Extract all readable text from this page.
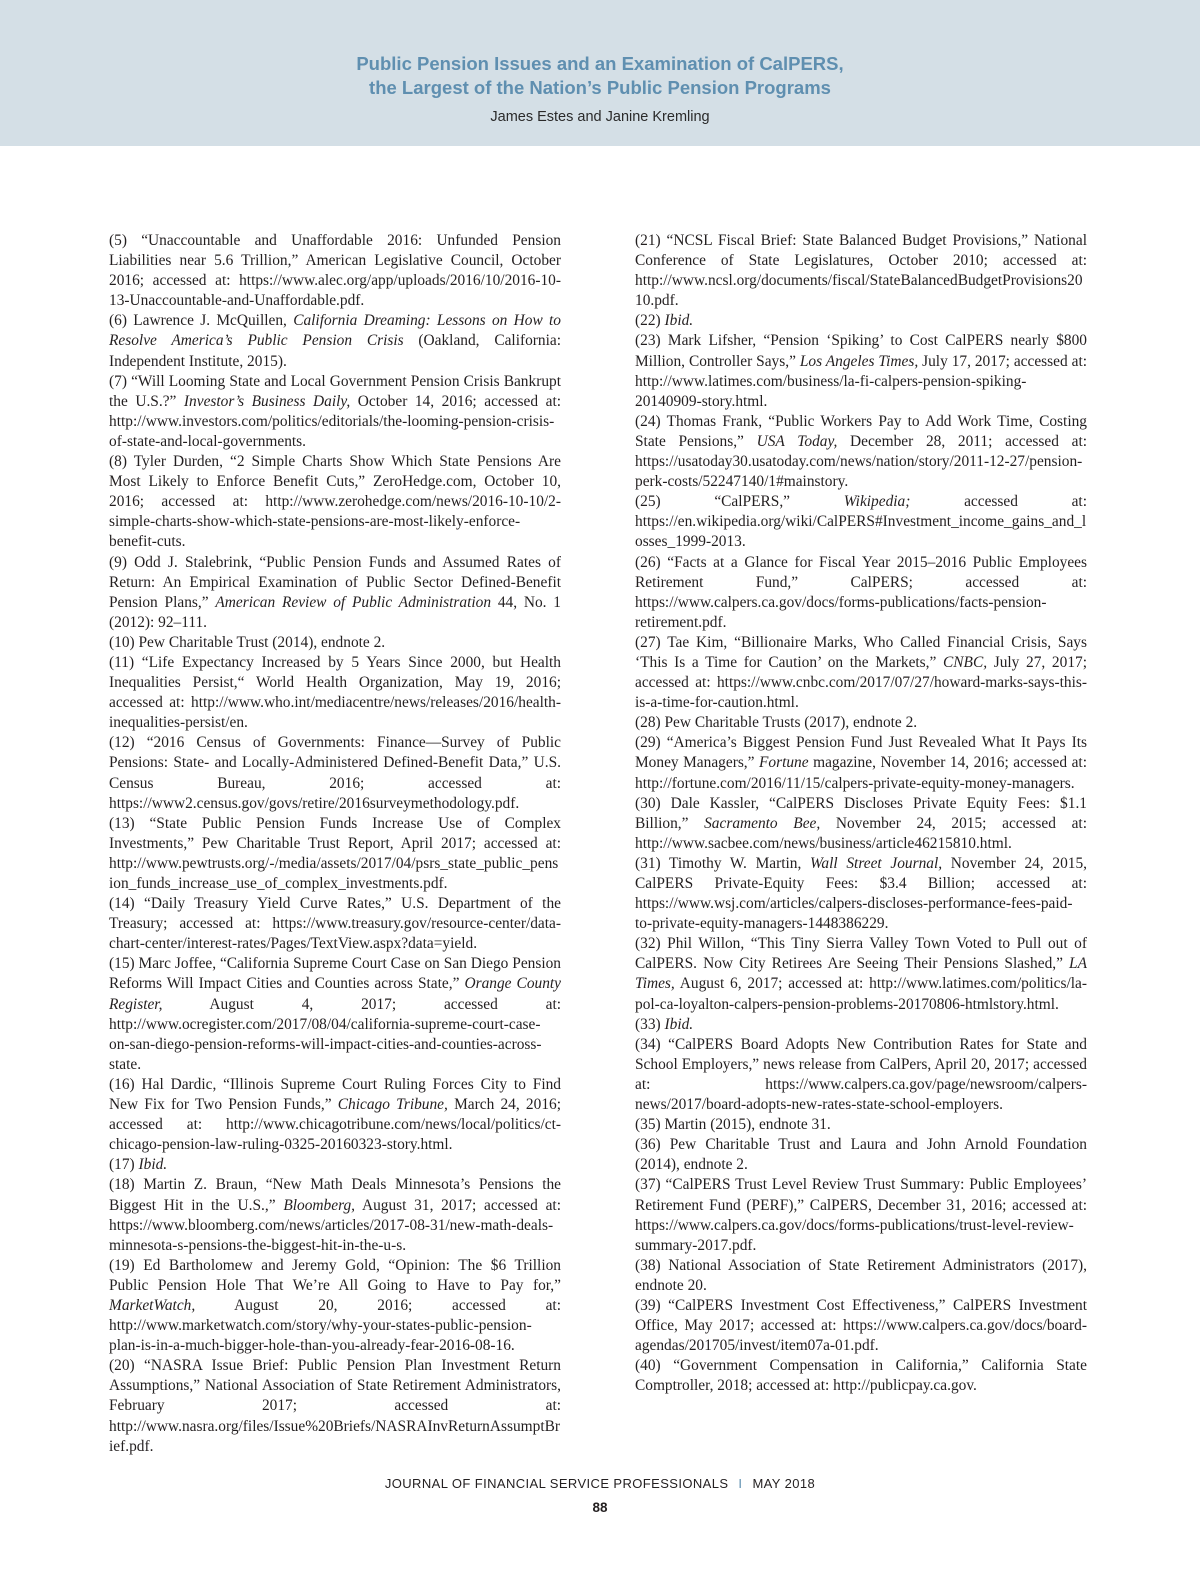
Public Pension Issues and an Examination of CalPERS,
the Largest of the Nation’s Public Pension Programs
James Estes and Janine Kremling

(5) “Unaccountable and Unaffordable 2016: Unfunded Pension Liabilities near 5.6 Trillion,” American Legislative Council, October 2016; accessed at: https://www.alec.org/app/uploads/2016/10/2016-10-13-Unaccountable-and-Unaffordable.pdf.

(6) Lawrence J. McQuillen, California Dreaming: Lessons on How to Resolve America’s Public Pension Crisis (Oakland, California: Independent Institute, 2015).

(7) “Will Looming State and Local Government Pension Crisis Bankrupt the U.S.?” Investor’s Business Daily, October 14, 2016; accessed at: http://www.investors.com/politics/editorials/the-looming-pension-crisis-of-state-and-local-governments.

(8) Tyler Durden, “2 Simple Charts Show Which State Pensions Are Most Likely to Enforce Benefit Cuts,” ZeroHedge.com, October 10, 2016; accessed at: http://www.zerohedge.com/news/2016-10-10/2-simple-charts-show-which-state-pensions-are-most-likely-enforce-benefit-cuts.

(9) Odd J. Stalebrink, “Public Pension Funds and Assumed Rates of Return: An Empirical Examination of Public Sector Defined-Benefit Pension Plans,” American Review of Public Administration 44, No. 1 (2012): 92–111.

(10) Pew Charitable Trust (2014), endnote 2.

(11) “Life Expectancy Increased by 5 Years Since 2000, but Health Inequalities Persist,“ World Health Organization, May 19, 2016; accessed at: http://www.who.int/mediacentre/news/releases/2016/health-inequalities-persist/en.

(12) “2016 Census of Governments: Finance—Survey of Public Pensions: State- and Locally-Administered Defined-Benefit Data,” U.S. Census Bureau, 2016; accessed at: https://www2.census.gov/govs/retire/2016surveymethodology.pdf.

(13) “State Public Pension Funds Increase Use of Complex Investments,” Pew Charitable Trust Report, April 2017; accessed at: http://www.pewtrusts.org/-/media/assets/2017/04/psrs_state_public_pension_funds_increase_use_of_complex_investments.pdf.

(14) “Daily Treasury Yield Curve Rates,” U.S. Department of the Treasury; accessed at: https://www.treasury.gov/resource-center/data-chart-center/interest-rates/Pages/TextView.aspx?data=yield.

(15) Marc Joffee, “California Supreme Court Case on San Diego Pension Reforms Will Impact Cities and Counties across State,” Orange County Register, August 4, 2017; accessed at: http://www.ocregister.com/2017/08/04/california-supreme-court-case-on-san-diego-pension-reforms-will-impact-cities-and-counties-across-state.

(16) Hal Dardic, “Illinois Supreme Court Ruling Forces City to Find New Fix for Two Pension Funds,” Chicago Tribune, March 24, 2016; accessed at: http://www.chicagotribune.com/news/local/politics/ct-chicago-pension-law-ruling-0325-20160323-story.html.

(17) Ibid.

(18) Martin Z. Braun, “New Math Deals Minnesota’s Pensions the Biggest Hit in the U.S.,” Bloomberg, August 31, 2017; accessed at: https://www.bloomberg.com/news/articles/2017-08-31/new-math-deals-minnesota-s-pensions-the-biggest-hit-in-the-u-s.

(19) Ed Bartholomew and Jeremy Gold, “Opinion: The $6 Trillion Public Pension Hole That We’re All Going to Have to Pay for,” MarketWatch, August 20, 2016; accessed at: http://www.marketwatch.com/story/why-your-states-public-pension-plan-is-in-a-much-bigger-hole-than-you-already-fear-2016-08-16.

(20) “NASRA Issue Brief: Public Pension Plan Investment Return Assumptions,” National Association of State Retirement Administrators, February 2017; accessed at: http://www.nasra.org/files/Issue%20Briefs/NASRAInvReturnAssumptBrief.pdf.

(21) “NCSL Fiscal Brief: State Balanced Budget Provisions,” National Conference of State Legislatures, October 2010; accessed at: http://www.ncsl.org/documents/fiscal/StateBalancedBudgetProvisions2010.pdf.

(22) Ibid.

(23) Mark Lifsher, “Pension ‘Spiking’ to Cost CalPERS nearly $800 Million, Controller Says,” Los Angeles Times, July 17, 2017; accessed at: http://www.latimes.com/business/la-fi-calpers-pension-spiking-20140909-story.html.

(24) Thomas Frank, “Public Workers Pay to Add Work Time, Costing State Pensions,” USA Today, December 28, 2011; accessed at: https://usatoday30.usatoday.com/news/nation/story/2011-12-27/pension-perk-costs/52247140/1#mainstory.

(25) “CalPERS,” Wikipedia; accessed at: https://en.wikipedia.org/wiki/CalPERS#Investment_income_gains_and_losses_1999-2013.

(26) “Facts at a Glance for Fiscal Year 2015–2016 Public Employees Retirement Fund,” CalPERS; accessed at: https://www.calpers.ca.gov/docs/forms-publications/facts-pension-retirement.pdf.

(27) Tae Kim, “Billionaire Marks, Who Called Financial Crisis, Says ‘This Is a Time for Caution’ on the Markets,” CNBC, July 27, 2017; accessed at: https://www.cnbc.com/2017/07/27/howard-marks-says-this-is-a-time-for-caution.html.

(28) Pew Charitable Trusts (2017), endnote 2.

(29) “America’s Biggest Pension Fund Just Revealed What It Pays Its Money Managers,” Fortune magazine, November 14, 2016; accessed at: http://fortune.com/2016/11/15/calpers-private-equity-money-managers.

(30) Dale Kassler, “CalPERS Discloses Private Equity Fees: $1.1 Billion,” Sacramento Bee, November 24, 2015; accessed at: http://www.sacbee.com/news/business/article46215810.html.

(31) Timothy W. Martin, Wall Street Journal, November 24, 2015, CalPERS Private-Equity Fees: $3.4 Billion; accessed at: https://www.wsj.com/articles/calpers-discloses-performance-fees-paid-to-private-equity-managers-1448386229.

(32) Phil Willon, “This Tiny Sierra Valley Town Voted to Pull out of CalPERS. Now City Retirees Are Seeing Their Pensions Slashed,” LA Times, August 6, 2017; accessed at: http://www.latimes.com/politics/la-pol-ca-loyalton-calpers-pension-problems-20170806-htmlstory.html.

(33) Ibid.

(34) “CalPERS Board Adopts New Contribution Rates for State and School Employers,” news release from CalPers, April 20, 2017; accessed at: https://www.calpers.ca.gov/page/newsroom/calpers-news/2017/board-adopts-new-rates-state-school-employers.

(35) Martin (2015), endnote 31.

(36) Pew Charitable Trust and Laura and John Arnold Foundation (2014), endnote 2.

(37) “CalPERS Trust Level Review Trust Summary: Public Employees’ Retirement Fund (PERF),” CalPERS, December 31, 2016; accessed at: https://www.calpers.ca.gov/docs/forms-publications/trust-level-review-summary-2017.pdf.

(38) National Association of State Retirement Administrators (2017), endnote 20.

(39) “CalPERS Investment Cost Effectiveness,” CalPERS Investment Office, May 2017; accessed at: https://www.calpers.ca.gov/docs/board-agendas/201705/invest/item07a-01.pdf.

(40) “Government Compensation in California,” California State Comptroller, 2018; accessed at: http://publicpay.ca.gov.

JOURNAL OF FINANCIAL SERVICE PROFESSIONALS I MAY 2018
88
